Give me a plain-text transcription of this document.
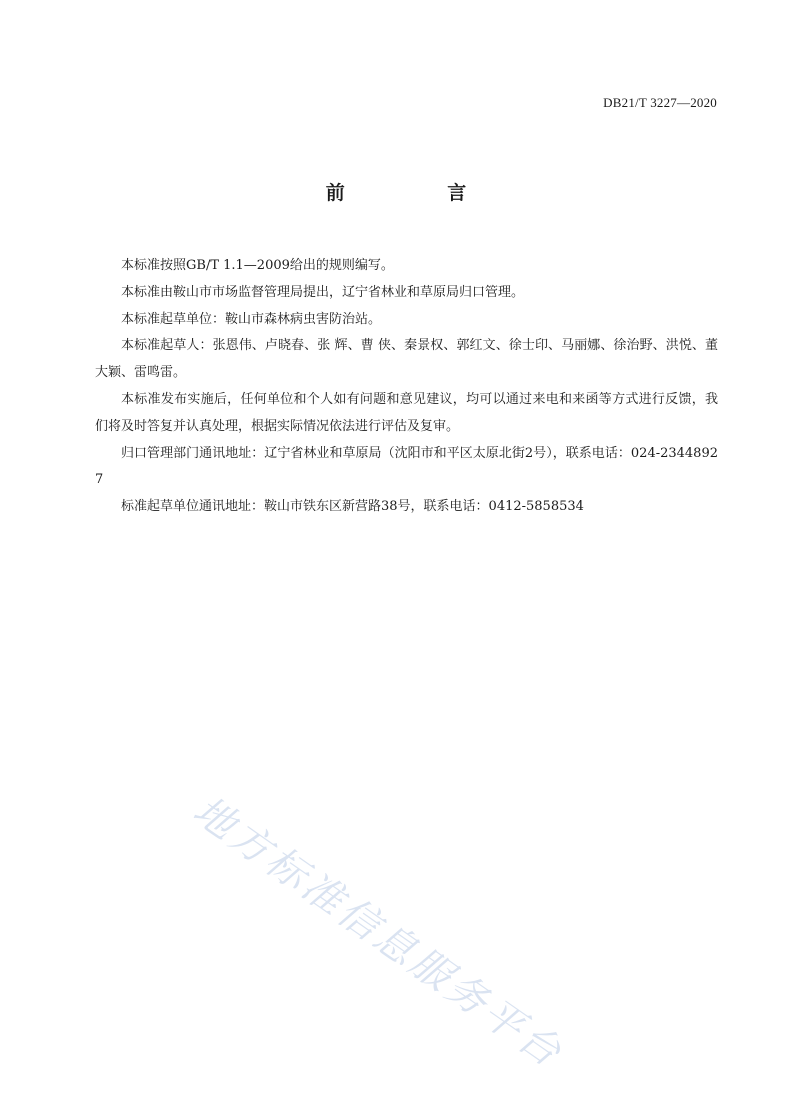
DB21/T 3227—2020
前 言

本标准按照GB/T 1.1—2009给出的规则编写。

本标准由鞍山市市场监督管理局提出，辽宁省林业和草原局归口管理。

本标准起草单位：鞍山市森林病虫害防治站。

本标准起草人：张恩伟、卢晓春、张 辉、曹 侠、秦景权、郭红文、徐士印、马丽娜、徐治野、洪悦、董大颖、雷鸣雷。

本标准发布实施后，任何单位和个人如有问题和意见建议，均可以通过来电和来函等方式进行反馈，我们将及时答复并认真处理，根据实际情况依法进行评估及复审。

归口管理部门通讯地址：辽宁省林业和草原局（沈阳市和平区太原北街2号），联系电话：024-23448927

标准起草单位通讯地址：鞍山市铁东区新营路38号，联系电话：0412-5858534

地方标准信息服务平台
